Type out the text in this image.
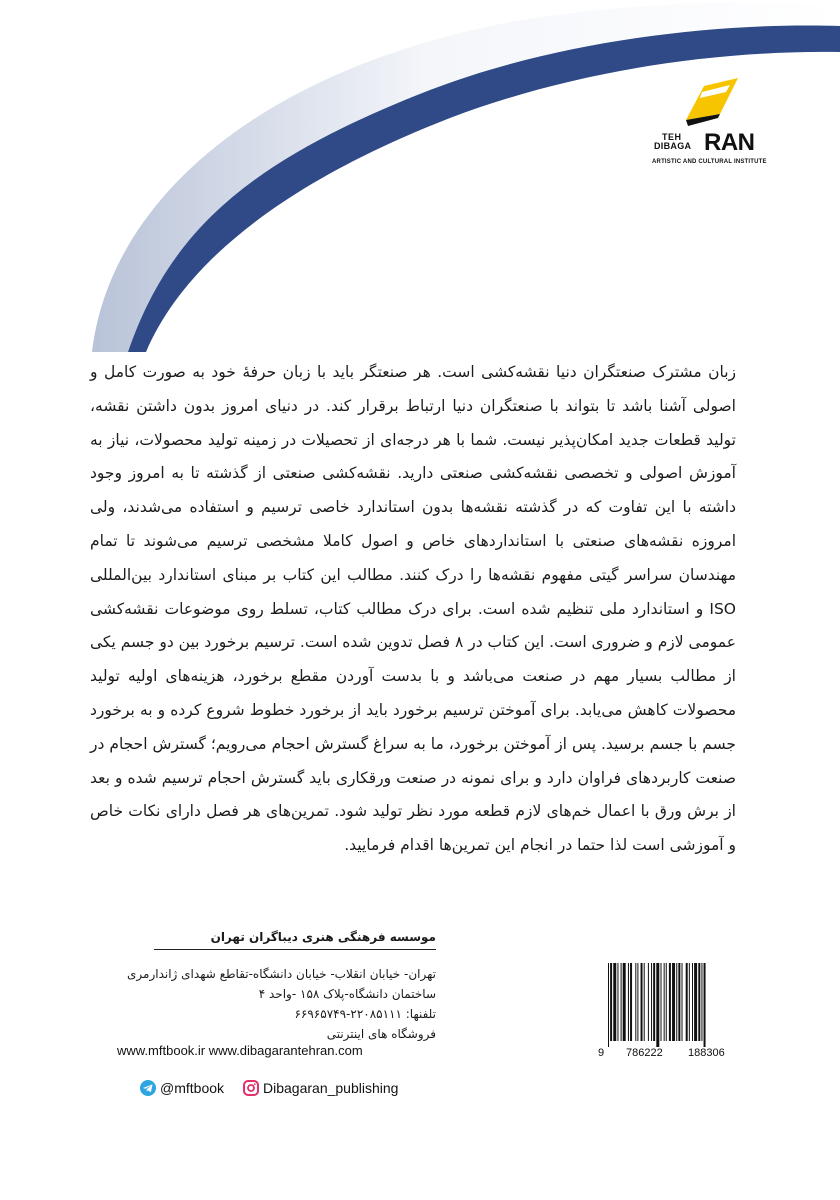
TEH
DIBAGA RAN
ARTISTIC AND CULTURAL INSTITUTE

زبان مشترک صنعتگران دنیا نقشه‌کشی است. هر صنعتگر باید با زبان حرفهٔ خود به صورت کامل و اصولی آشنا باشد تا بتواند با صنعتگران دنیا ارتباط برقرار کند. در دنیای امروز بدون داشتن نقشه، تولید قطعات جدید امکان‌پذیر نیست. شما با هر درجه‌ای از تحصیلات در زمینه تولید محصولات، نیاز به آموزش اصولی و تخصصی نقشه‌کشی صنعتی دارید. نقشه‌کشی صنعتی از گذشته تا به امروز وجود داشته با این تفاوت که در گذشته نقشه‌ها بدون استاندارد خاصی ترسیم و استفاده می‌شدند، ولی امروزه نقشه‌های صنعتی با استانداردهای خاص و اصول کاملا مشخصی ترسیم می‌شوند تا تمام مهندسان سراسر گیتی مفهوم نقشه‌ها را درک کنند. مطالب این کتاب بر مبنای استاندارد بین‌المللی ISO و استاندارد ملی تنظیم شده است. برای درک مطالب کتاب، تسلط روی موضوعات نقشه‌کشی عمومی لازم و ضروری است. این کتاب در ۸ فصل تدوین شده است. ترسیم برخورد بین دو جسم یکی از مطالب بسیار مهم در صنعت می‌باشد و با بدست آوردن مقطع برخورد، هزینه‌های اولیه تولید محصولات کاهش می‌یابد. برای آموختن ترسیم برخورد باید از برخورد خطوط شروع کرده و به برخورد جسم با جسم برسید. پس از آموختن برخورد، ما به سراغ گسترش احجام می‌رویم؛ گسترش احجام در صنعت کاربردهای فراوان دارد و برای نمونه در صنعت ورقکاری باید گسترش احجام ترسیم شده و بعد از برش ورق با اعمال خم‌های لازم قطعه مورد نظر تولید شود. تمرین‌های هر فصل دارای نکات خاص و آموزشی است لذا حتما در انجام این تمرین‌ها اقدام فرمایید.

موسسه فرهنگی هنری دیباگران تهران
تهران- خیابان انقلاب- خیابان دانشگاه-تقاطع شهدای ژاندارمری
ساختمان دانشگاه-پلاک ۱۵۸ -واحد ۴
تلفنها: ۲۲۰۸۵۱۱۱-۶۶۹۶۵۷۴۹
فروشگاه های اینترنتی
www.mftbook.ir www.dibagarantehran.com
@mftbook	Dibagaran_publishing
9 786222 188306
